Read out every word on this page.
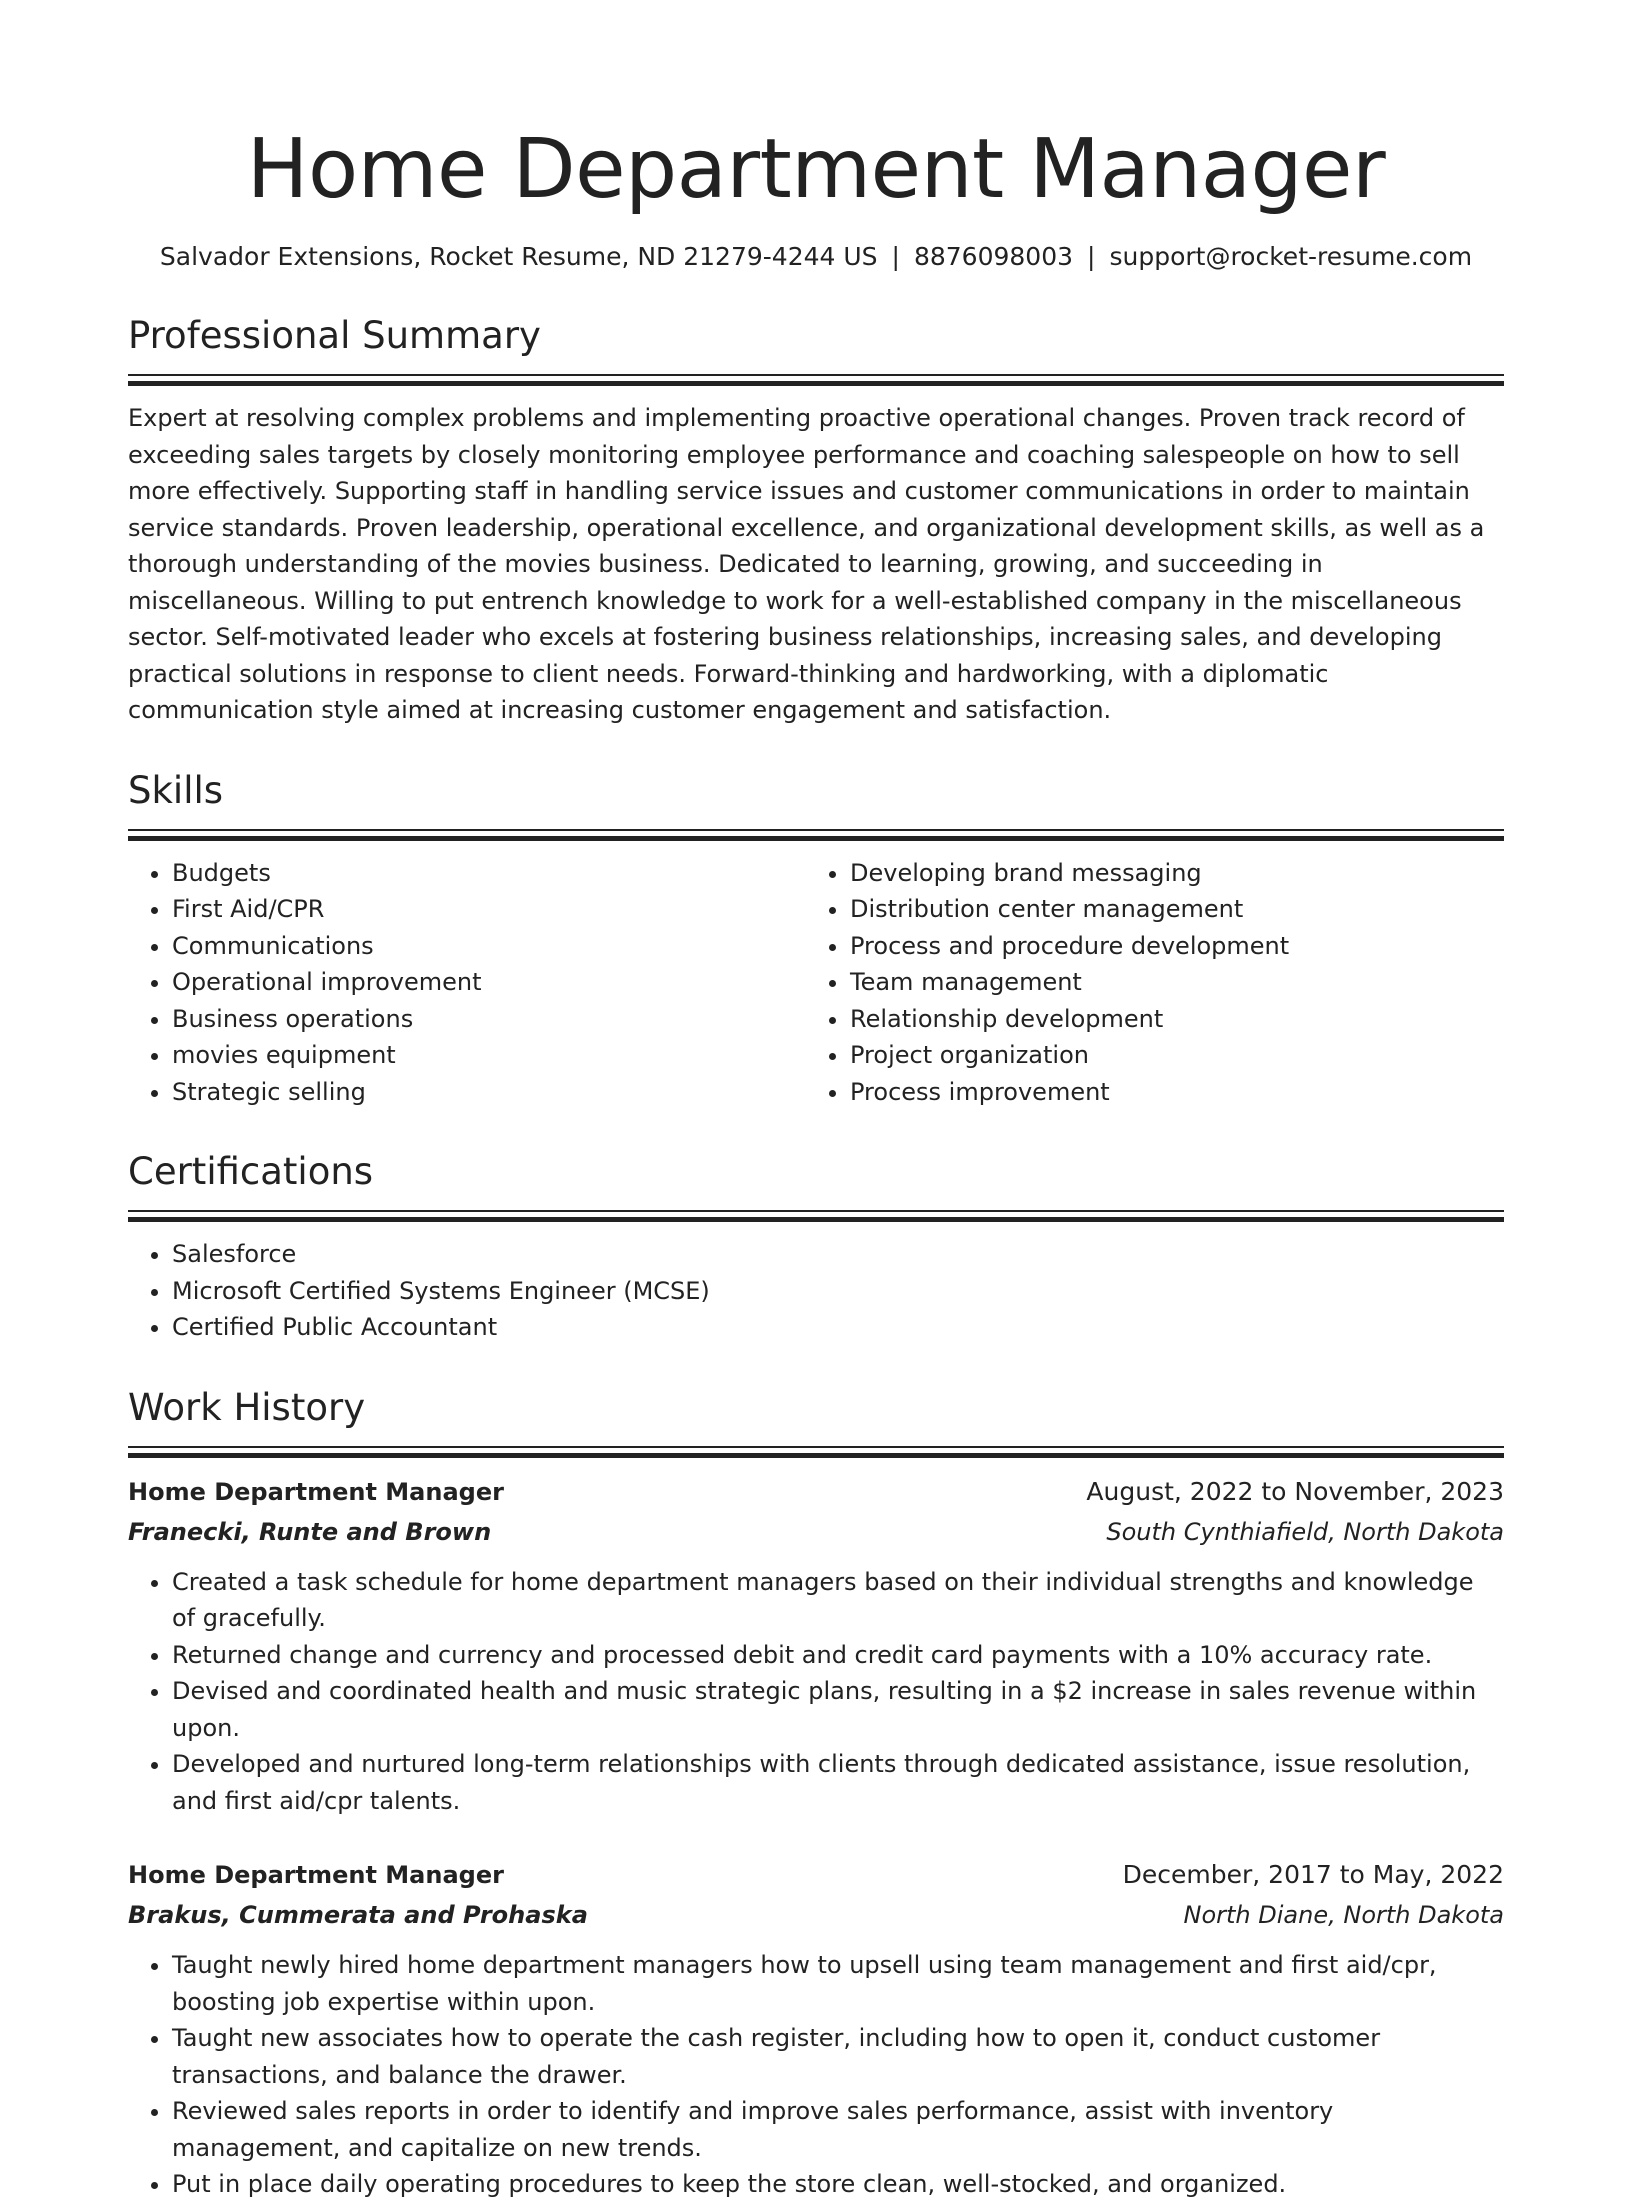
Home Department Manager
Salvador Extensions, Rocket Resume, ND 21279-4244 US | 8876098003 | support@rocket-resume.com
Professional Summary
Expert at resolving complex problems and implementing proactive operational changes. Proven track record of exceeding sales targets by closely monitoring employee performance and coaching salespeople on how to sell more effectively. Supporting staff in handling service issues and customer communications in order to maintain service standards. Proven leadership, operational excellence, and organizational development skills, as well as a thorough understanding of the movies business. Dedicated to learning, growing, and succeeding in miscellaneous. Willing to put entrench knowledge to work for a well-established company in the miscellaneous sector. Self-motivated leader who excels at fostering business relationships, increasing sales, and developing practical solutions in response to client needs. Forward-thinking and hardworking, with a diplomatic communication style aimed at increasing customer engagement and satisfaction.
Skills
• Budgets
• First Aid/CPR
• Communications
• Operational improvement
• Business operations
• movies equipment
• Strategic selling
• Developing brand messaging
• Distribution center management
• Process and procedure development
• Team management
• Relationship development
• Project organization
• Process improvement
Certifications
• Salesforce
• Microsoft Certified Systems Engineer (MCSE)
• Certified Public Accountant
Work History
Home Department Manager	August, 2022 to November, 2023
Franecki, Runte and Brown	South Cynthiafield, North Dakota
• Created a task schedule for home department managers based on their individual strengths and knowledge of gracefully.
• Returned change and currency and processed debit and credit card payments with a 10% accuracy rate.
• Devised and coordinated health and music strategic plans, resulting in a $2 increase in sales revenue within upon.
• Developed and nurtured long-term relationships with clients through dedicated assistance, issue resolution, and first aid/cpr talents.
Home Department Manager	December, 2017 to May, 2022
Brakus, Cummerata and Prohaska	North Diane, North Dakota
• Taught newly hired home department managers how to upsell using team management and first aid/cpr, boosting job expertise within upon.
• Taught new associates how to operate the cash register, including how to open it, conduct customer transactions, and balance the drawer.
• Reviewed sales reports in order to identify and improve sales performance, assist with inventory management, and capitalize on new trends.
• Put in place daily operating procedures to keep the store clean, well-stocked, and organized.
